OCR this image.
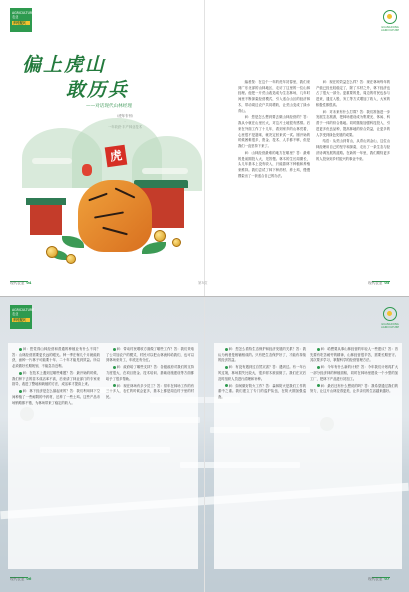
AGRICULTURE
农业
乡村振兴
GUANGDONG AGRICULTURE
偏上虎山
敢历兵
——对话现代山林经理
（虎年专刊）
虎

编者按：在这个一年的虎年初春里，我们来到广东北部的山林地区，走访了这里的一位山林经理。他把一片荒山改造成为生态林场，几年时间里不断探索经营模式，引入适合山区的经济林木，带动周边农户共同增收，让荒山变成了绿水青山。

问：您是怎么想到要去做山林经营的？答：我从小就在山里长大，对这片土地很有感情。后来在外面工作了十几年，看到家乡的山林荒着，心里很不是滋味，就决定回来试一试。刚开始的时候困难很多，资金、技术、人手都不够，但是我们一直坚持下来了。

问：山林经营最难的地方在哪里？答：最难的是前期投入大，见效慢。林木的生长周期长，头几年基本上没有收入，只能靠林下种植和养殖来维持。我们尝试了林下种药材、养土鸡，慢慢摸索出了一套适合自己的办法。

问：现在的效益怎么样？答：现在林场每年的产值已经比较稳定了，除了木材之外，林下经济也占了很大一部分。更重要的是，周边的村民也参与进来，通过入股、务工等方式增加了收入，大家的积极性都很高。

问：对未来有什么打算？答：我们准备进一步发展生态旅游，把林场建设成为集观光、休闲、科普于一体的综合基地。同时继续加强科技投入，引进更多优良品种，提高林地的综合效益，让更多的人享受到绿色发展的成果。

结语：从荒山到青山，从青山到金山，这位山林经理用自己的坚守和探索，走出了一条生态与经济协调发展的道路。在新的一年里，我们期待更多的人投身到乡村振兴的事业中来。

现代农业 04	第5页	现代农业 05
AGRICULTURE
农业
乡村振兴
GUANGDONG AGRICULTURE

问：您觉得山林经营和普通的种植业有什么不同？答：山林经营需要更长远的眼光。种一季庄稼几个月就能收获，而种一片林子可能要十年、二十年才能见到效益。所以必须做好长期规划，不能急功近利。

问：在技术上遇到过哪些难题？答：最开始的时候，我们种下去的苗木成活率不高，后来请了林业部门的专家来指导，改进了整地和栽植的方法，成活率才提高上来。

问：林下经济是怎么搞起来的？答：我们利用林下空间种植了一些耐阴的中药材，还养了一些土鸡。这些产品市场销路都不错，为林场带来了稳定的收入。

问：带动村民增收方面做了哪些工作？答：我们采取了公司加农户的模式，村民可以把山林流转给我们，也可以到林场来务工，年底还有分红。

问：政府给了哪些支持？答：各级政府对我们的支持力度很大，在项目资金、技术培训、基础设施建设等方面都给予了很多帮助。

问：现在林场有多少员工？答：常年在林场工作的有三十多人，农忙的时候会更多，基本上都是周边村子里的村民。

问：您怎么看待生态保护和经济发展的关系？答：我认为两者是相辅相成的。只有把生态保护好了，才能有持续的经济效益。

问：有没有遇到过自然灾害？答：遇到过。有一年台风过境，林场损失比较大，很多树木被刮倒了。我们在灾后及时组织人员进行清理和补种。

问：如何做好防火工作？答：森林防火是我们工作的重中之重。我们建立了专门的巡护队伍，在防火期加强巡查。

问：给想要从事山林经营的年轻人一些建议？答：首先要有吃苦耐劳的精神，山林经营很辛苦，需要长期坚守。其次要多学习，掌握科学的经营管理方法。

问：今年有什么新的计划？答：今年我们计划再扩大一部分经济林的种植面积，同时在林场里建设一个小型的加工厂，把林下产品进行初加工。

问：最后还有什么想说的吗？答：我希望通过我们的努力，让这片山林变得更美，让乡亲们的生活越来越好。

现代农业 06	现代农业 07
